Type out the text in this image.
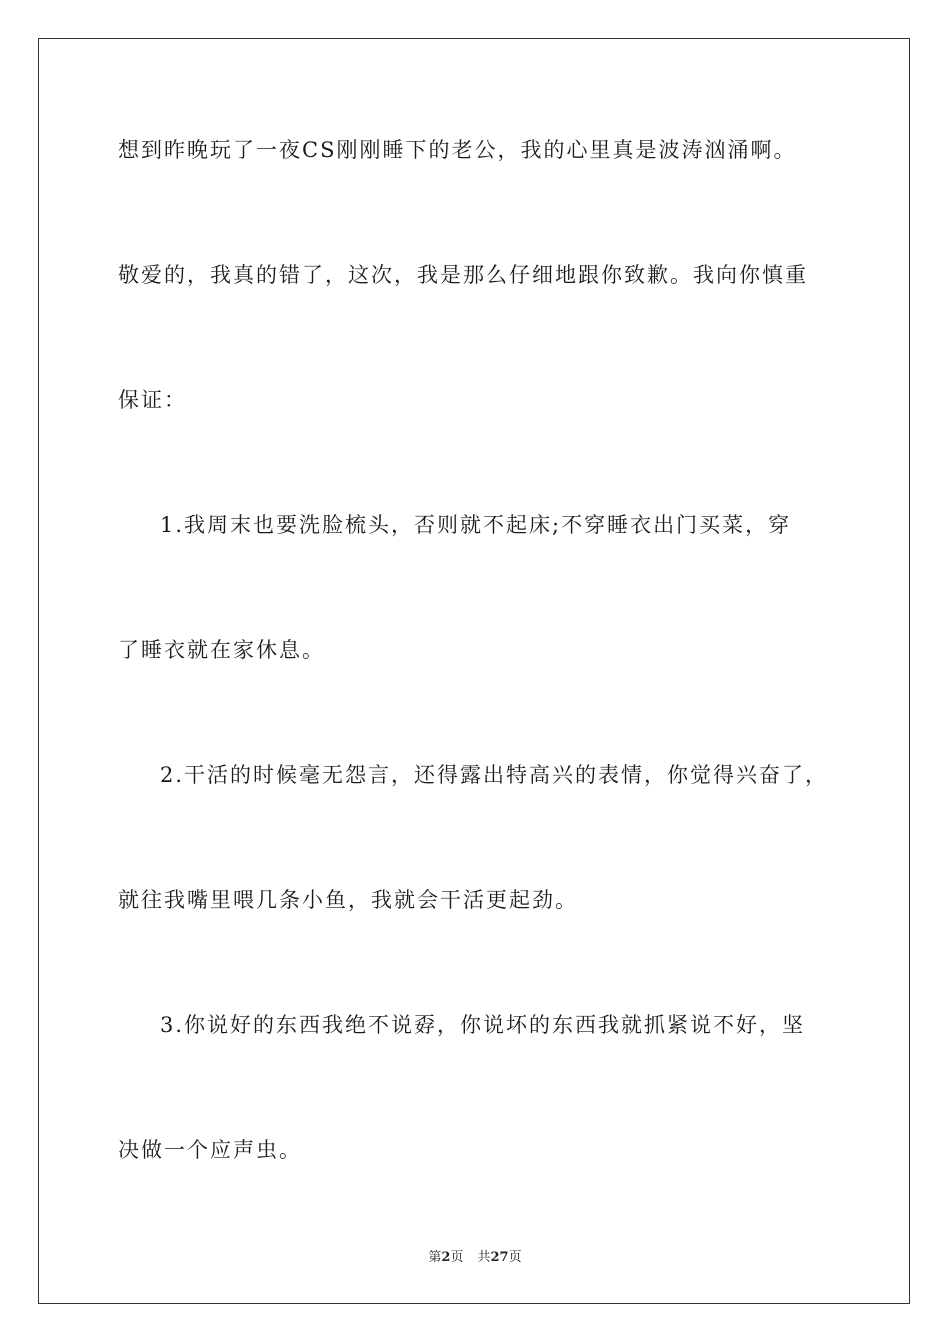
想到昨晚玩了一夜CS刚刚睡下的老公，我的心里真是波涛汹涌啊。
敬爱的，我真的错了，这次，我是那么仔细地跟你致歉。我向你慎重
保证：
1.我周末也要洗脸梳头，否则就不起床;不穿睡衣出门买菜，穿
了睡衣就在家休息。
2.干活的时候毫无怨言，还得露出特高兴的表情，你觉得兴奋了，
就往我嘴里喂几条小鱼，我就会干活更起劲。
3.你说好的东西我绝不说孬，你说坏的东西我就抓紧说不好，坚
决做一个应声虫。
第2页 共27页
